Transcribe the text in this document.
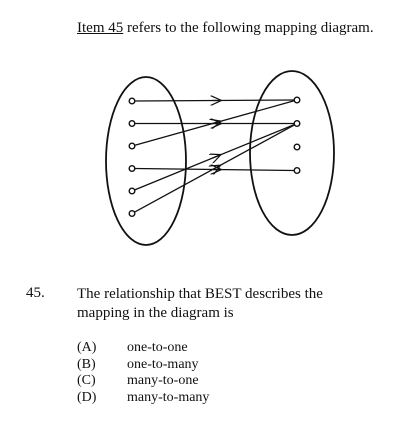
Item 45 refers to the following mapping diagram.
45. The relationship that BEST describes the mapping in the diagram is
(A)	one-to-one
(B)	one-to-many
(C)	many-to-one
(D)	many-to-many
